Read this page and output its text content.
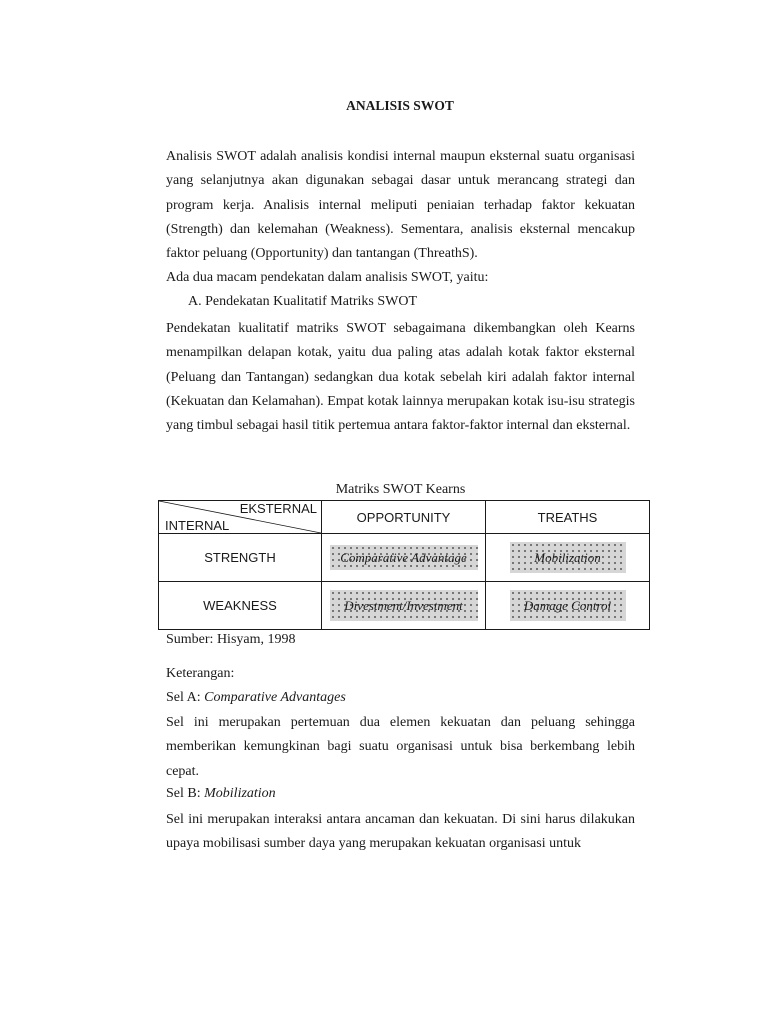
ANALISIS SWOT

Analisis SWOT adalah analisis kondisi internal maupun eksternal suatu organisasi yang selanjutnya akan digunakan sebagai dasar untuk merancang strategi dan program kerja. Analisis internal meliputi peniaian terhadap faktor kekuatan (Strength) dan kelemahan (Weakness). Sementara, analisis eksternal mencakup faktor peluang (Opportunity) dan tantangan (ThreathS).

Ada dua macam pendekatan dalam analisis SWOT, yaitu:
A. Pendekatan Kualitatif Matriks SWOT

Pendekatan kualitatif matriks SWOT sebagaimana dikembangkan oleh Kearns menampilkan delapan kotak, yaitu dua paling atas adalah kotak faktor eksternal (Peluang dan Tantangan) sedangkan dua kotak sebelah kiri adalah faktor internal (Kekuatan dan Kelamahan). Empat kotak lainnya merupakan kotak isu-isu strategis yang timbul sebagai hasil titik pertemua antara faktor-faktor internal dan eksternal.

Matriks SWOT Kearns
EKSTERNAL
INTERNAL	OPPORTUNITY	TREATHS
STRENGTH	Comparative Advantage	Mobilization
WEAKNESS	Divestment/Investment	Damage Control
Sumber: Hisyam, 1998
Keterangan:
Sel A: Comparative Advantages

Sel ini merupakan pertemuan dua elemen kekuatan dan peluang sehingga memberikan kemungkinan bagi suatu organisasi untuk bisa berkembang lebih cepat.

Sel B: Mobilization

Sel ini merupakan interaksi antara ancaman dan kekuatan. Di sini harus dilakukan upaya mobilisasi sumber daya yang merupakan kekuatan organisasi untuk
